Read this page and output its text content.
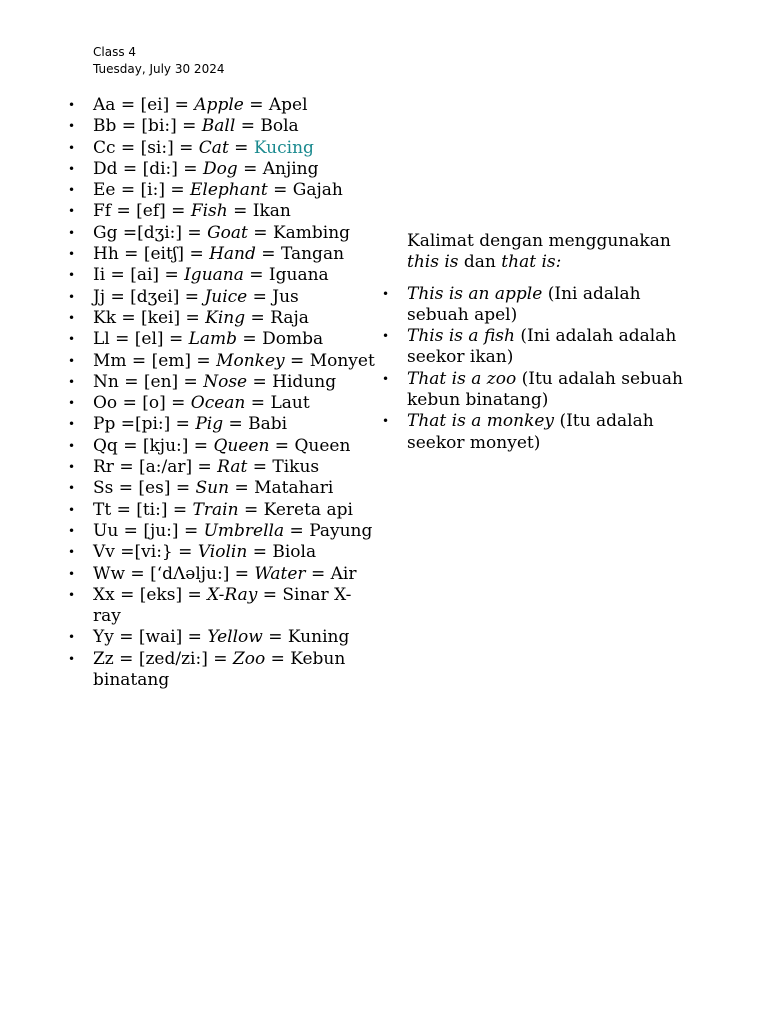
Class 4
Tuesday, July 30 2024
• Aa = [ei] = Apple = Apel
• Bb = [bi:] = Ball = Bola
• Cc = [si:] = Cat = Kucing
• Dd = [di:] = Dog = Anjing
• Ee = [i:] = Elephant = Gajah
• Ff = [ef] = Fish = Ikan
• Gg =[dʒi:] = Goat = Kambing
• Hh = [eitʃ] = Hand = Tangan
• Ii = [ai] = Iguana = Iguana
• Jj = [dʒei] = Juice = Jus
• Kk = [kei] = King = Raja
• Ll = [el] = Lamb = Domba
• Mm = [em] = Monkey = Monyet
• Nn = [en] = Nose = Hidung
• Oo = [o] = Ocean = Laut
• Pp =[pi:] = Pig = Babi
• Qq = [kju:] = Queen = Queen
• Rr = [a:/ar] = Rat = Tikus
• Ss = [es] = Sun = Matahari
• Tt = [ti:] = Train = Kereta api
• Uu = [ju:] = Umbrella = Payung
• Vv =[vi:} = Violin = Biola
• Ww = [‘dɅəlju:] = Water = Air
• Xx = [eks] = X-Ray = Sinar X-ray
• Yy = [wai] = Yellow = Kuning
• Zz = [zed/zi:] = Zoo = Kebun binatang

Kalimat dengan menggunakan this is dan that is:

• This is an apple (Ini adalah sebuah apel)
• This is a fish (Ini adalah adalah seekor ikan)
• That is a zoo (Itu adalah sebuah kebun binatang)
• That is a monkey (Itu adalah seekor monyet)
